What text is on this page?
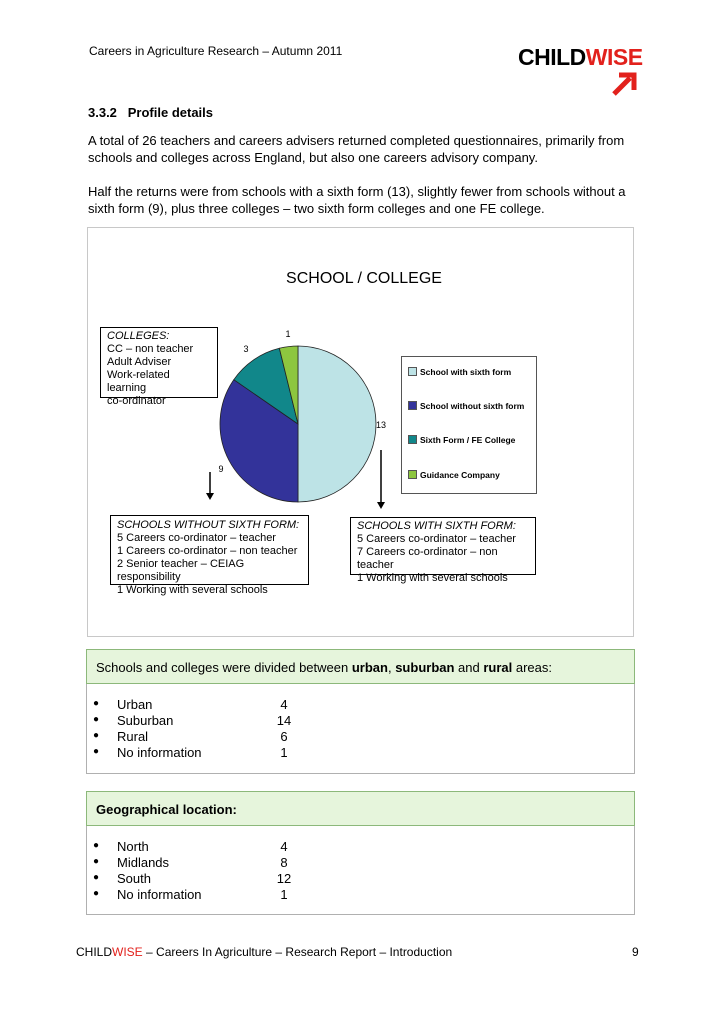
Careers in Agriculture Research – Autumn 2011	CHILDWISE
3.3.2   Profile details
A total of 26 teachers and careers advisers returned completed questionnaires, primarily from schools and colleges across England, but also one careers advisory company.
Half the returns were from schools with a sixth form (13), slightly fewer from schools without a sixth form (9), plus three colleges – two sixth form colleges and one FE college.
SCHOOL / COLLEGE
13
9
3
1
School with sixth form
School without sixth form
Sixth Form / FE College
Guidance Company
COLLEGES:
CC – non teacher
Adult Adviser
Work-related learning
co-ordinator
SCHOOLS WITHOUT SIXTH FORM:
5 Careers co-ordinator – teacher
1 Careers co-ordinator – non teacher
2 Senior teacher – CEIAG responsibility
1 Working with several schools
SCHOOLS WITH SIXTH FORM:
5 Careers co-ordinator – teacher
7 Careers co-ordinator – non teacher
1 Working with several schools
Schools and colleges were divided between urban, suburban and rural areas:
● Urban	4
● Suburban	14
● Rural	6
● No information	1
Geographical location:
● North	4
● Midlands	8
● South	12
● No information	1
CHILDWISE – Careers In Agriculture – Research Report – Introduction	9
